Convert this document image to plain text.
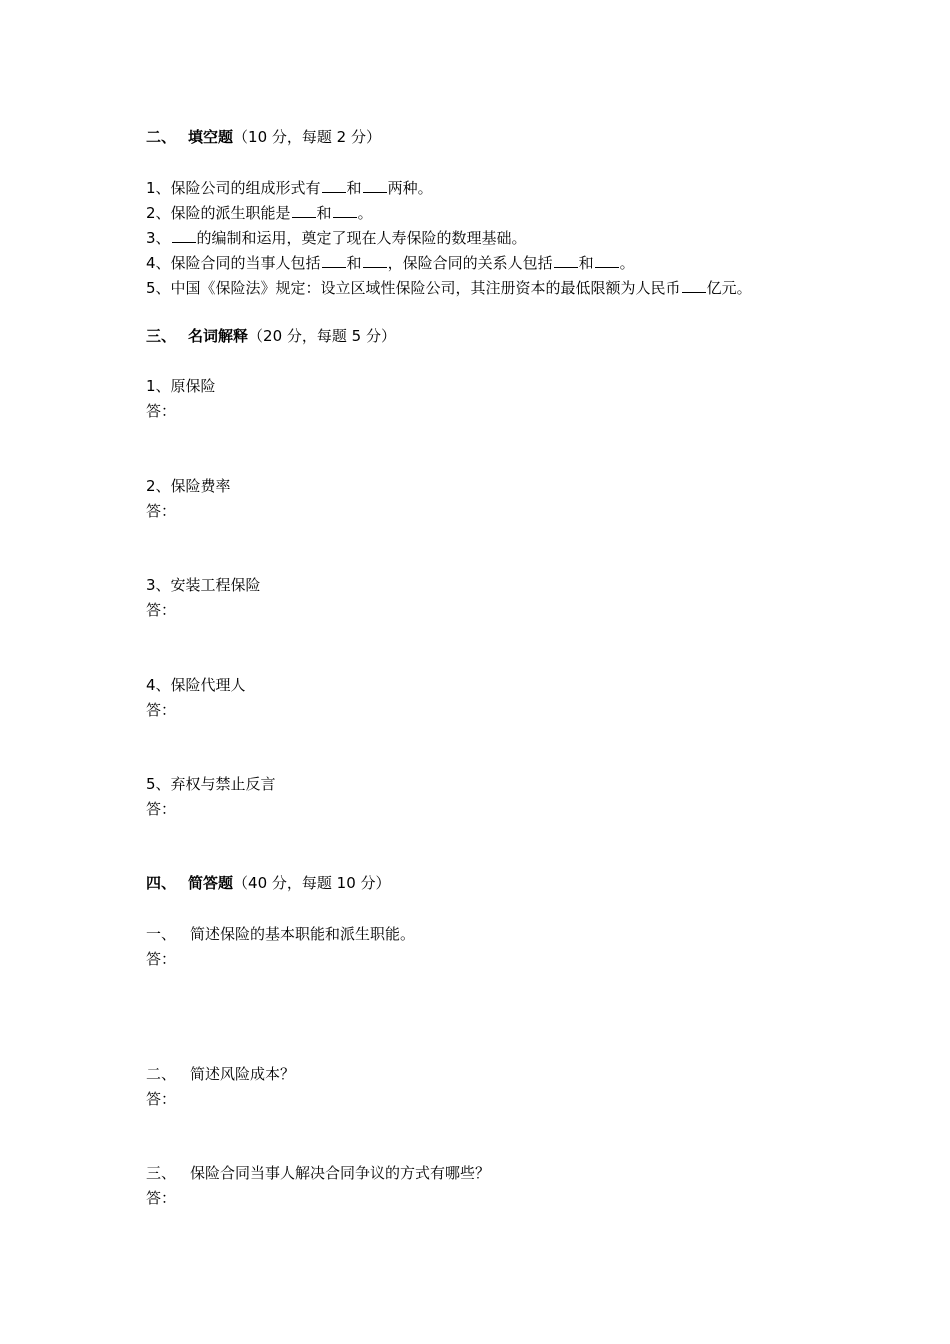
二、 填空题（10 分，每题 2 分）
1、保险公司的组成形式有 和 两种。
2、保险的派生职能是 和 。
3、 的编制和运用，奠定了现在人寿保险的数理基础。
4、保险合同的当事人包括 和 ，保险合同的关系人包括 和 。
5、中国《保险法》规定：设立区域性保险公司，其注册资本的最低限额为人民币 亿元。
三、 名词解释（20 分，每题 5 分）
1、原保险
答：
2、保险费率
答：
3、安装工程保险
答：
4、保险代理人
答：
5、弃权与禁止反言
答：
四、 简答题（40 分，每题 10 分）
一、 简述保险的基本职能和派生职能。
答：
二、 简述风险成本？
答：
三、 保险合同当事人解决合同争议的方式有哪些？
答：
